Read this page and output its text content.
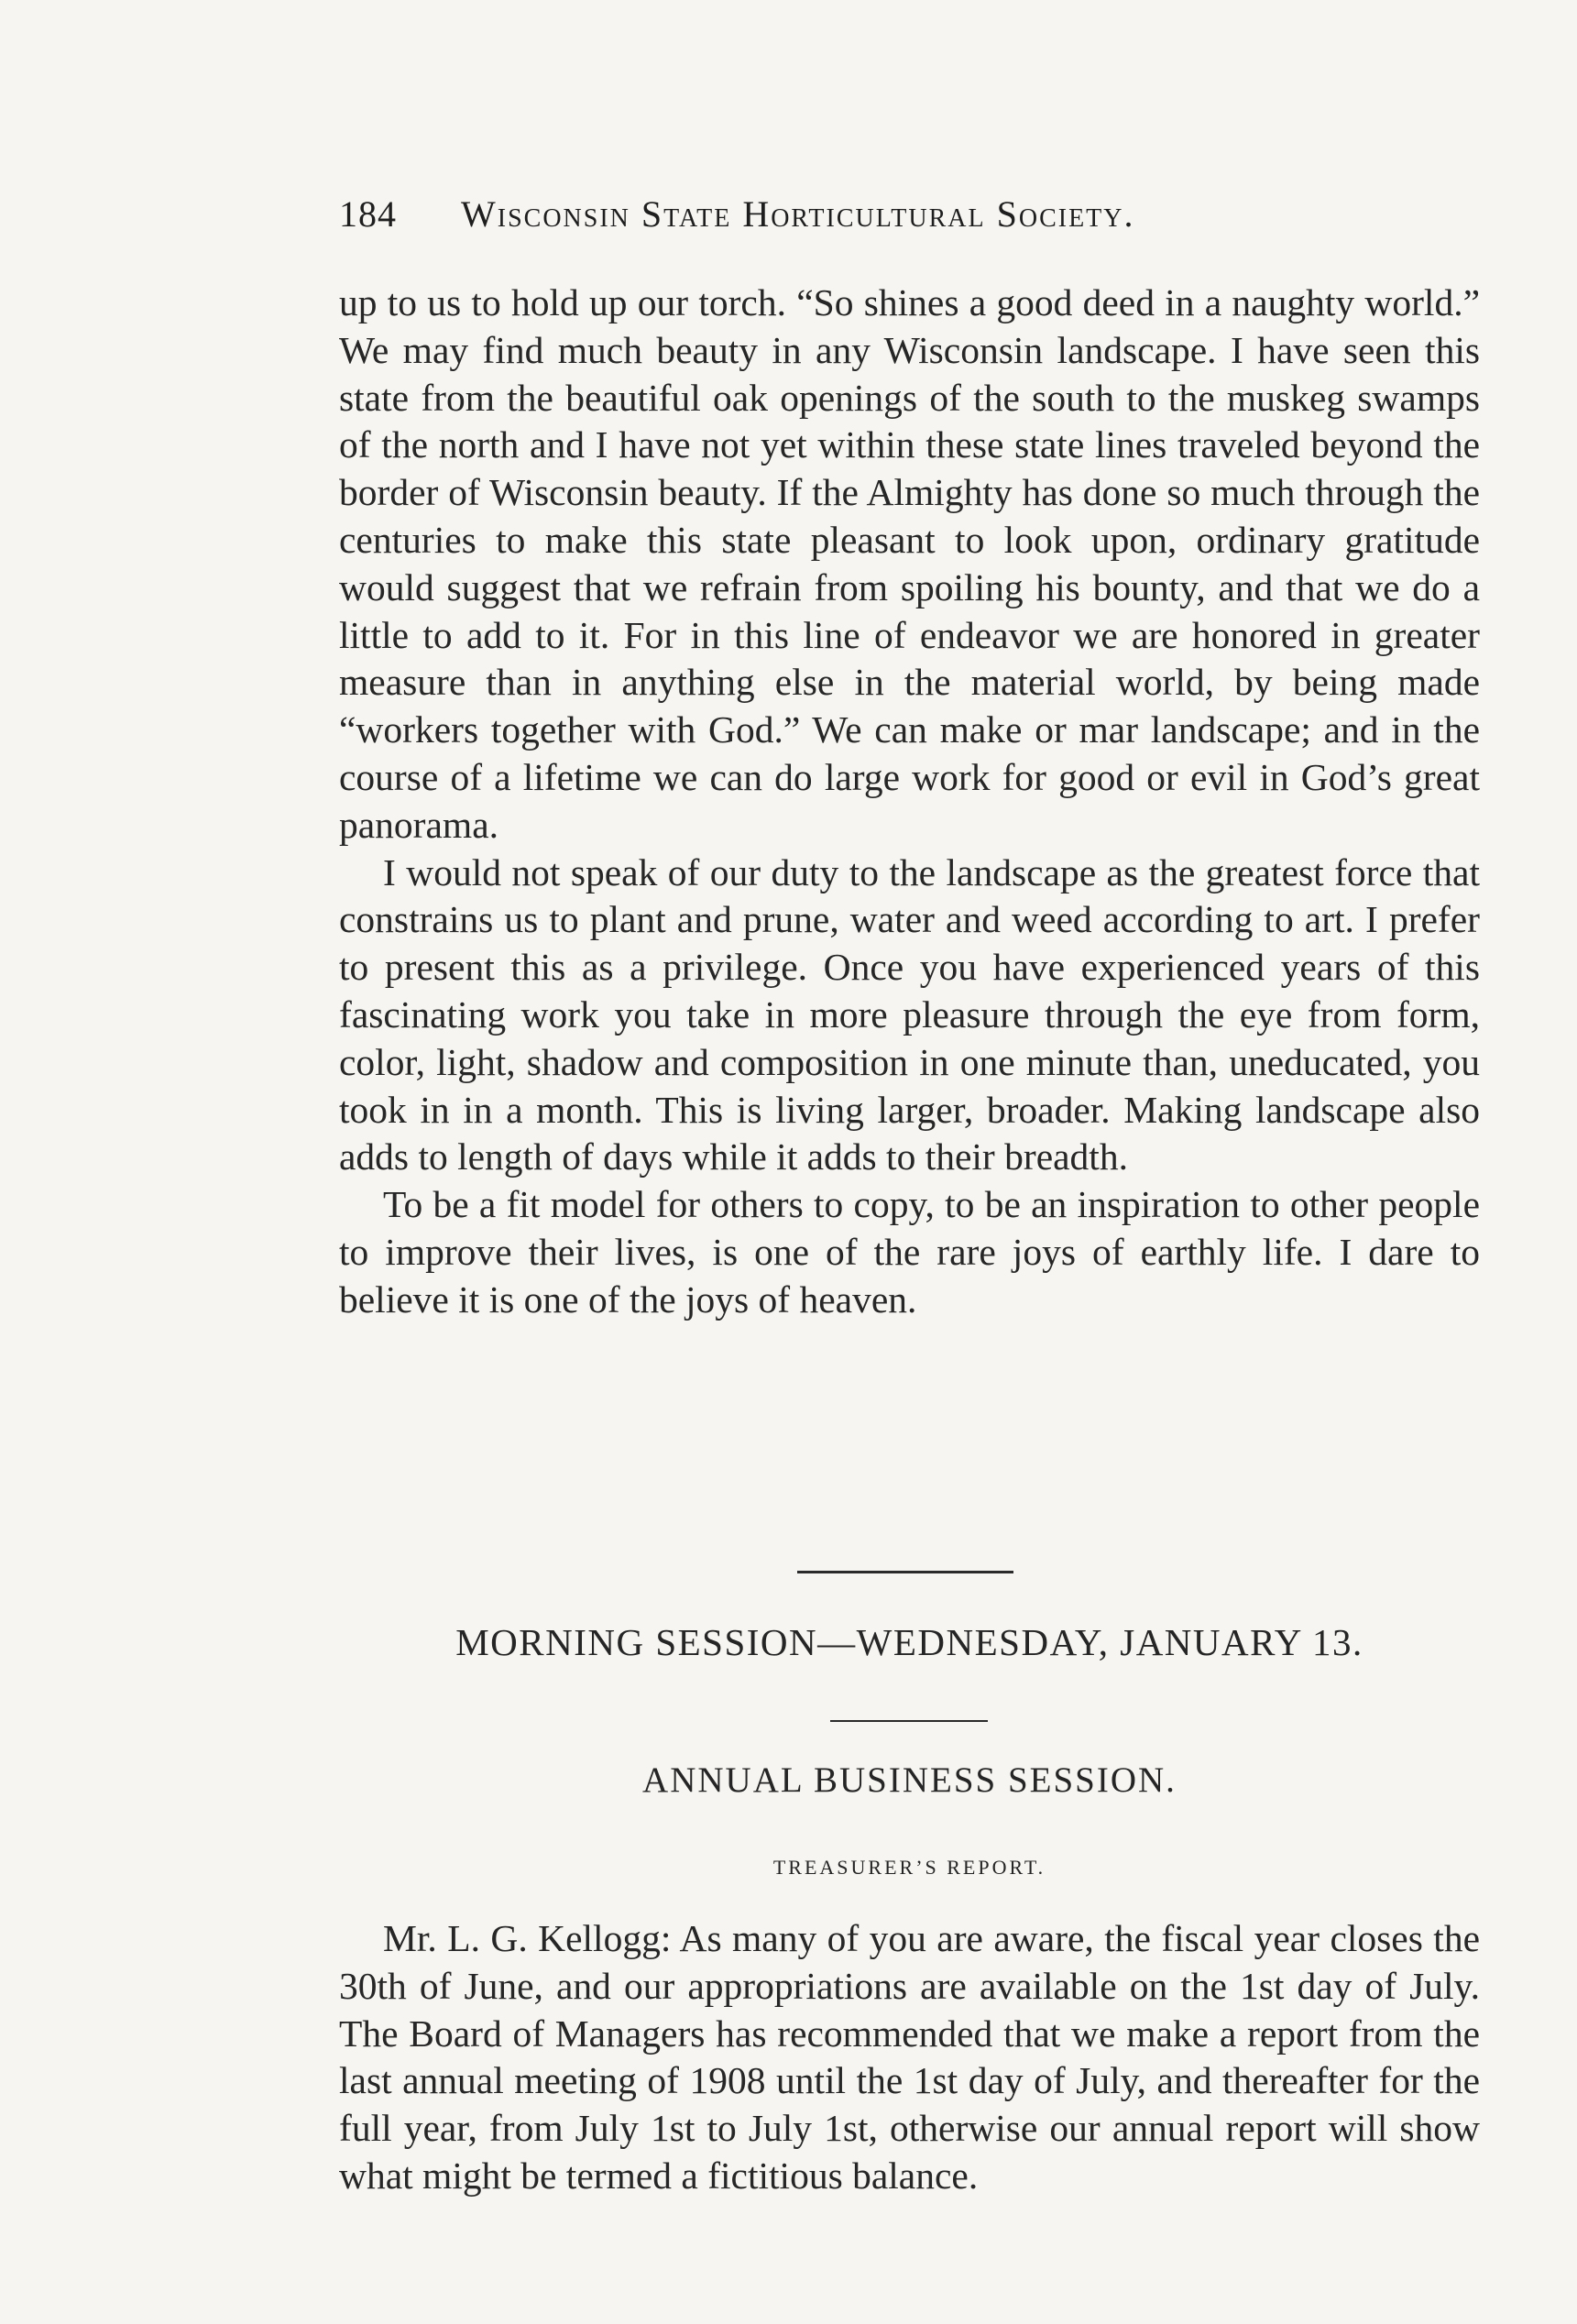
184 Wisconsin State Horticultural Society.

up to us to hold up our torch. “So shines a good deed in a naughty world.” We may find much beauty in any Wisconsin landscape. I have seen this state from the beautiful oak openings of the south to the muskeg swamps of the north and I have not yet within these state lines traveled beyond the border of Wisconsin beauty. If the Almighty has done so much through the centuries to make this state pleasant to look upon, ordinary gratitude would suggest that we refrain from spoiling his bounty, and that we do a little to add to it. For in this line of endeavor we are honored in greater measure than in anything else in the material world, by being made “workers together with God.” We can make or mar landscape; and in the course of a lifetime we can do large work for good or evil in God’s great panorama.

I would not speak of our duty to the landscape as the greatest force that constrains us to plant and prune, water and weed according to art. I prefer to present this as a privilege. Once you have experienced years of this fascinating work you take in more pleasure through the eye from form, color, light, shadow and composition in one minute than, uneducated, you took in in a month. This is living larger, broader. Making landscape also adds to length of days while it adds to their breadth.

To be a fit model for others to copy, to be an inspiration to other people to improve their lives, is one of the rare joys of earthly life. I dare to believe it is one of the joys of heaven.

MORNING SESSION—WEDNESDAY, JANUARY 13.
ANNUAL BUSINESS SESSION.
TREASURER’S REPORT.

Mr. L. G. Kellogg: As many of you are aware, the fiscal year closes the 30th of June, and our appropriations are available on the 1st day of July. The Board of Managers has recommended that we make a report from the last annual meeting of 1908 until the 1st day of July, and thereafter for the full year, from July 1st to July 1st, otherwise our annual report will show what might be termed a fictitious balance.
